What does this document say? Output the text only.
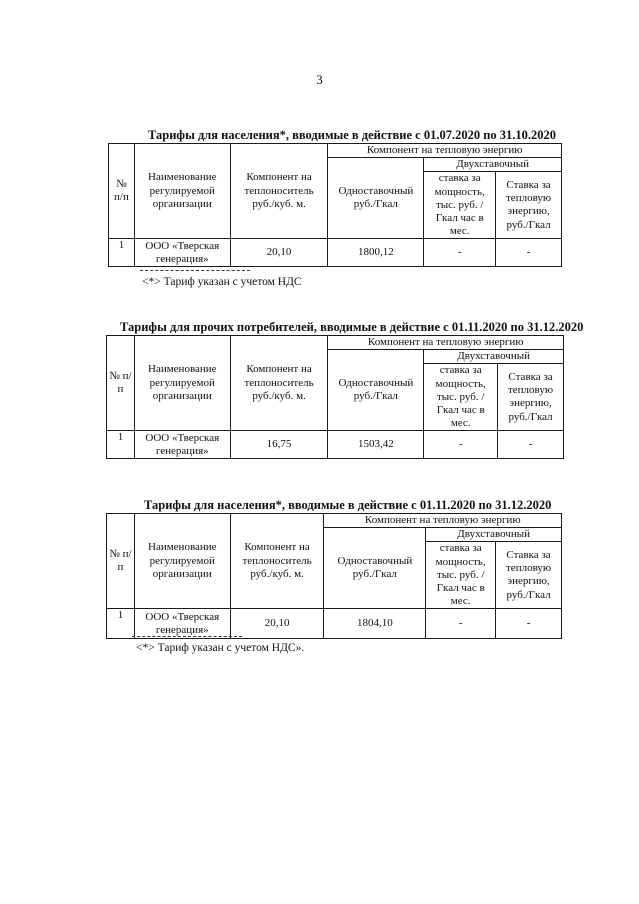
3
Тарифы для населения*, вводимые в действие с 01.07.2020 по 31.10.2020
№ п/п	Наименование регулируемой организации	Компонент на теплоноситель руб./куб. м.	Компонент на тепловую энергию		
			Одноставочный руб./Гкал	Двухставочный	
				ставка за мощность, тыс. руб. /Гкал час в мес.	Ставка за тепловую энергию, руб./Гкал
1	ООО «Тверская генерация»	20,10	1800,12	-	-
<*> Тариф указан с учетом НДС
Тарифы для прочих потребителей, вводимые в действие с 01.11.2020 по 31.12.2020
№ п/п	Наименование регулируемой организации	Компонент на теплоноситель руб./куб. м.	Компонент на тепловую энергию		
			Одноставочный руб./Гкал	Двухставочный	
				ставка за мощность, тыс. руб. /Гкал час в мес.	Ставка за тепловую энергию, руб./Гкал
1	ООО «Тверская генерация»	16,75	1503,42	-	-
Тарифы для населения*, вводимые в действие с 01.11.2020 по 31.12.2020
№ п/п	Наименование регулируемой организации	Компонент на теплоноситель руб./куб. м.	Компонент на тепловую энергию		
			Одноставочный руб./Гкал	Двухставочный	
				ставка за мощность, тыс. руб. /Гкал час в мес.	Ставка за тепловую энергию, руб./Гкал
1	ООО «Тверская генерация»	20,10	1804,10	-	-
<*> Тариф указан с учетом НДС».
